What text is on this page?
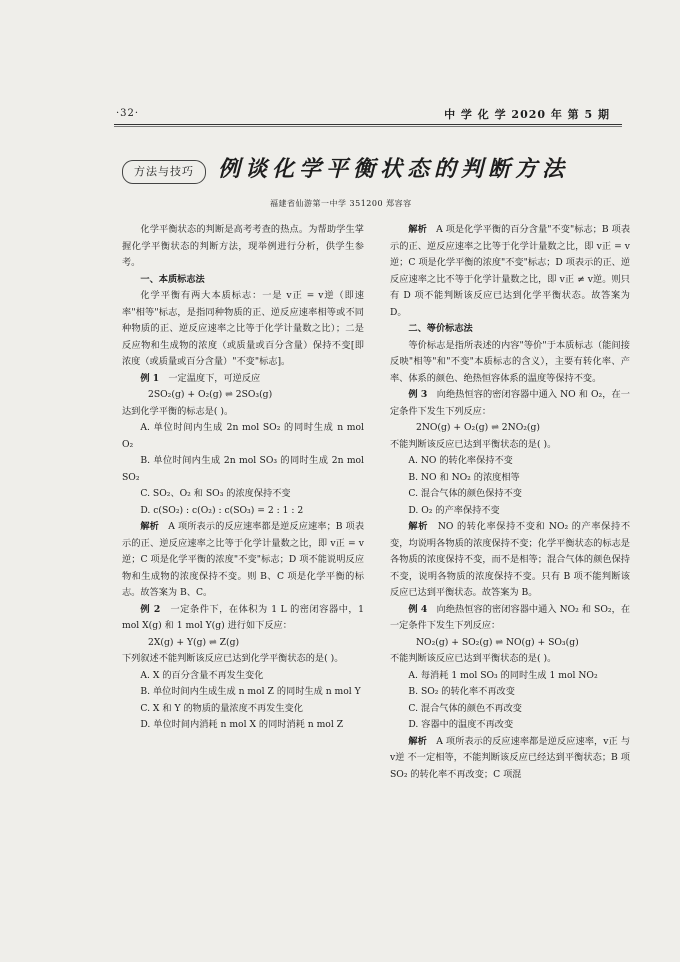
·32·	中 学 化 学 2020 年 第 5 期
方法与技巧	例谈化学平衡状态的判断方法
福建省仙游第一中学 351200 郑容容

化学平衡状态的判断是高考考查的热点。为帮助学生掌握化学平衡状态的判断方法，现举例进行分析，供学生参考。

一、本质标志法

化学平衡有两大本质标志：一是 v正 = v逆（即速率"相等"标志，是指同种物质的正、逆反应速率相等或不同种物质的正、逆反应速率之比等于化学计量数之比）；二是反应物和生成物的浓度（或质量或百分含量）保持不变[即浓度（或质量或百分含量）"不变"标志]。

例 1　 一定温度下，可逆反应

2SO₂(g) + O₂(g) ⇌ 2SO₃(g)

达到化学平衡的标志是( )。

A. 单位时间内生成 2n mol SO₂ 的同时生成 n mol O₂

B. 单位时间内生成 2n mol SO₃ 的同时生成 2n mol SO₂

C. SO₂、O₂ 和 SO₃ 的浓度保持不变

D. c(SO₂) : c(O₂) : c(SO₃) = 2 : 1 : 2

解析　 A 项所表示的反应速率都是逆反应速率；B 项表示的正、逆反应速率之比等于化学计量数之比，即 v正 = v逆；C 项是化学平衡的浓度"不变"标志；D 项不能说明反应物和生成物的浓度保持不变。则 B、C 项是化学平衡的标志。故答案为 B、C。

例 2　 一定条件下，在体积为 1 L 的密闭容器中，1 mol X(g) 和 1 mol Y(g) 进行如下反应：

2X(g) + Y(g) ⇌ Z(g)

下列叙述不能判断该反应已达到化学平衡状态的是( )。

A. X 的百分含量不再发生变化

B. 单位时间内生成生成 n mol Z 的同时生成 n mol Y

C. X 和 Y 的物质的量浓度不再发生变化

D. 单位时间内消耗 n mol X 的同时消耗 n mol Z

解析　 A 项是化学平衡的百分含量"不变"标志；B 项表示的正、逆反应速率之比等于化学计量数之比，即 v正 = v逆；C 项是化学平衡的浓度"不变"标志；D 项表示的正、逆反应速率之比不等于化学计量数之比，即 v正 ≠ v逆。则只有 D 项不能判断该反应已达到化学平衡状态。故答案为 D。

二、等价标志法

等价标志是指所表述的内容"等价"于本质标志（能间接反映"相等"和"不变"本质标志的含义），主要有转化率、产率、体系的颜色、绝热恒容体系的温度等保持不变。

例 3　 向绝热恒容的密闭容器中通入 NO 和 O₂，在一定条件下发生下列反应：

2NO(g) + O₂(g) ⇌ 2NO₂(g)

不能判断该反应已达到平衡状态的是( )。

A. NO 的转化率保持不变

B. NO 和 NO₂ 的浓度相等

C. 混合气体的颜色保持不变

D. O₂ 的产率保持不变

解析　 NO 的转化率保持不变和 NO₂ 的产率保持不变，均说明各物质的浓度保持不变；化学平衡状态的标志是各物质的浓度保持不变，而不是相等；混合气体的颜色保持不变，说明各物质的浓度保持不变。只有 B 项不能判断该反应已达到平衡状态。故答案为 B。

例 4　 向绝热恒容的密闭容器中通入 NO₂ 和 SO₂，在一定条件下发生下列反应：

NO₂(g) + SO₂(g) ⇌ NO(g) + SO₃(g)

不能判断该反应已达到平衡状态的是( )。

A. 每消耗 1 mol SO₃ 的同时生成 1 mol NO₂

B. SO₂ 的转化率不再改变

C. 混合气体的颜色不再改变

D. 容器中的温度不再改变

解析　 A 项所表示的反应速率都是逆反应速率，v正 与 v逆 不一定相等，不能判断该反应已经达到平衡状态；B 项 SO₂ 的转化率不再改变；C 项混
